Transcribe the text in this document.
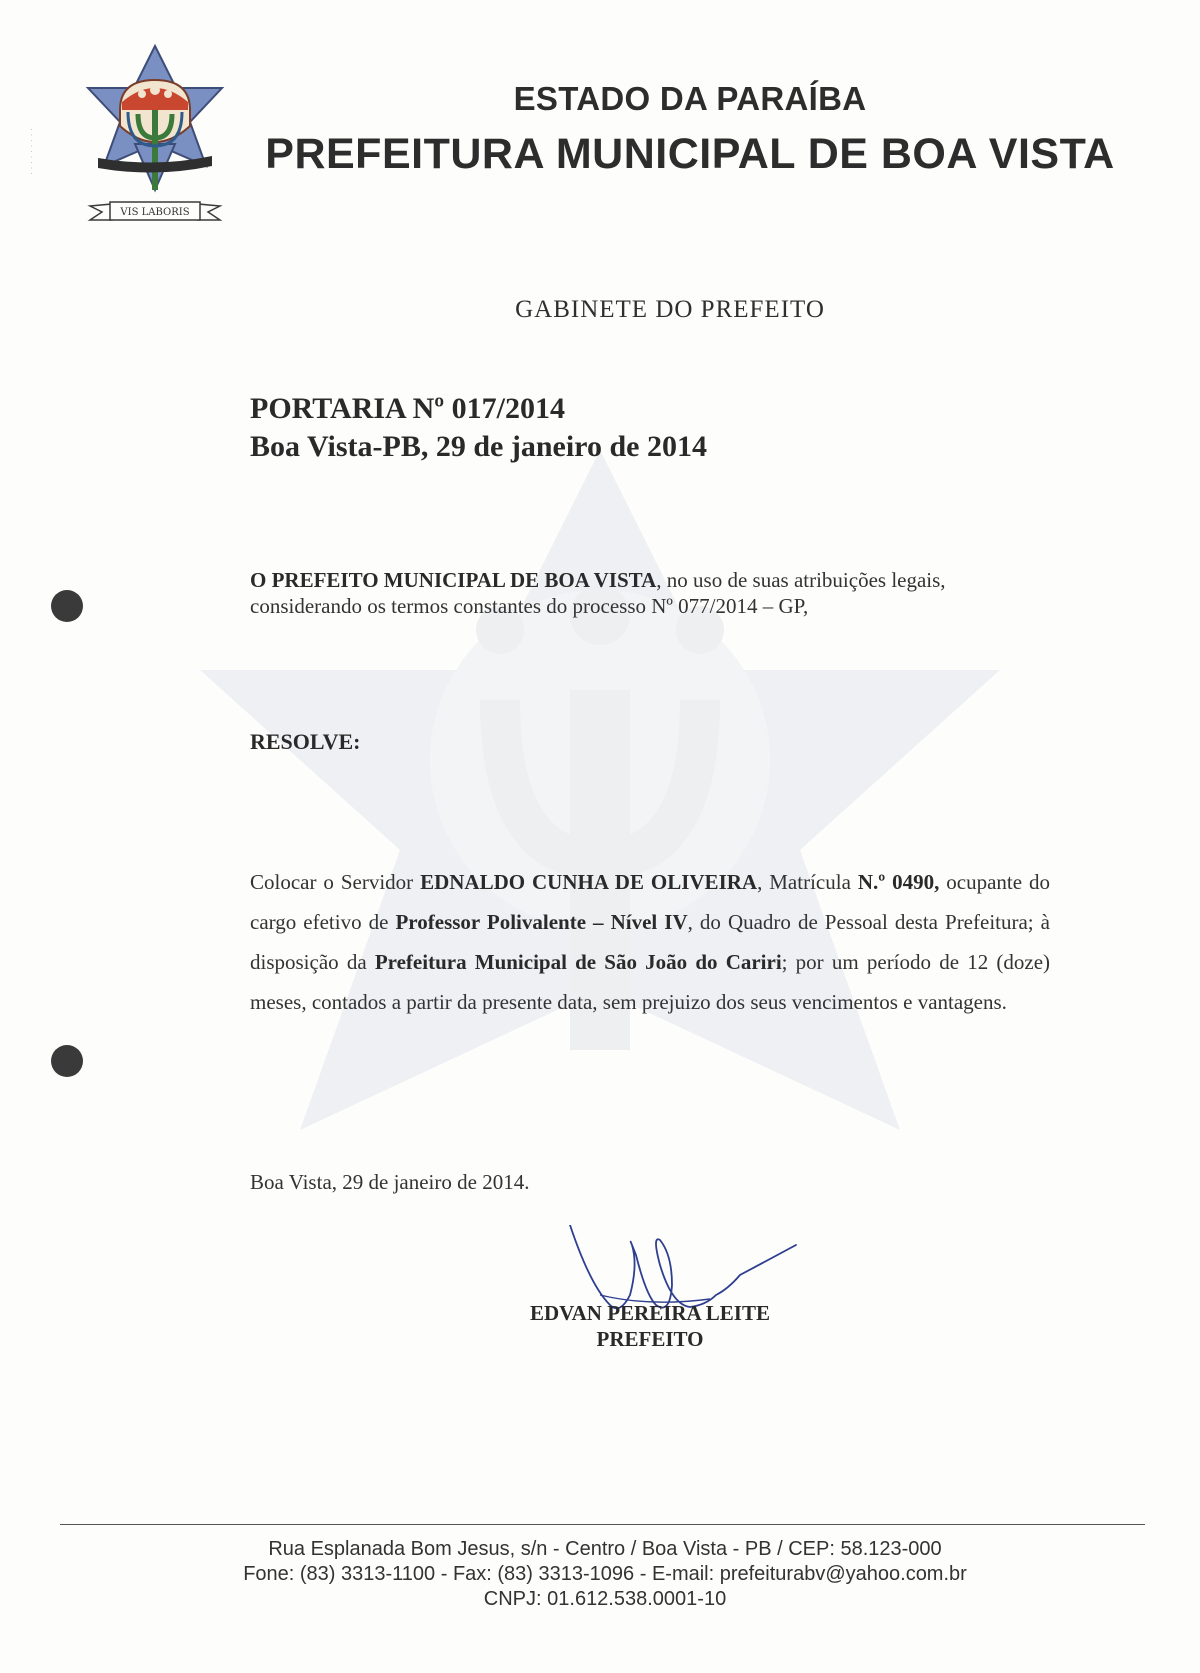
· · · · · · · · ·
VIS LABORIS
ESTADO DA PARAÍBA
PREFEITURA MUNICIPAL DE BOA VISTA
GABINETE DO PREFEITO
PORTARIA Nº 017/2014
Boa Vista-PB, 29 de janeiro de 2014
O PREFEITO MUNICIPAL DE BOA VISTA, no uso de suas atribuições legais,
considerando os termos constantes do processo Nº 077/2014 – GP,
RESOLVE:
Colocar o Servidor EDNALDO CUNHA DE OLIVEIRA, Matrícula N.º 0490, ocupante do cargo efetivo de Professor Polivalente – Nível IV, do Quadro de Pessoal desta Prefeitura; à disposição da Prefeitura Municipal de São João do Cariri; por um período de 12 (doze) meses, contados a partir da presente data, sem prejuizo dos seus vencimentos e vantagens.
Boa Vista, 29 de janeiro de 2014.
EDVAN PEREIRA LEITE
PREFEITO
Rua Esplanada Bom Jesus, s/n - Centro / Boa Vista - PB / CEP: 58.123-000
Fone: (83) 3313-1100 - Fax: (83) 3313-1096 - E-mail: prefeiturabv@yahoo.com.br
CNPJ: 01.612.538.0001-10
